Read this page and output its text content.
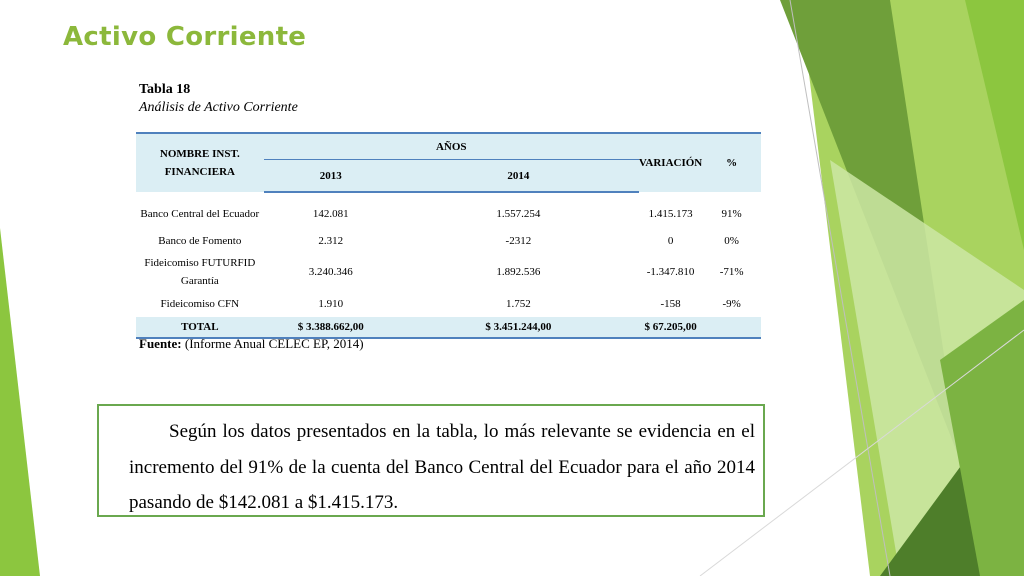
Activo Corriente
Tabla 18
Análisis de Activo Corriente
NOMBRE INST.
FINANCIERA	AÑOS		VARIACIÓN	%
	2013	2014		

Banco Central del Ecuador	142.081	1.557.254	1.415.173	91%
Banco de Fomento	2.312	-2312	0	0%

Fideicomiso FUTURFID
Garantía	3.240.346	1.892.536	-1.347.810	-71%
Fideicomiso CFN	1.910	1.752	-158	-9%
TOTAL	$ 3.388.662,00	$ 3.451.244,00	$ 67.205,00	
Fuente: (Informe Anual CELEC EP, 2014)

Según los datos presentados en la tabla, lo más relevante se evidencia en el incremento del 91% de la cuenta del Banco Central del Ecuador para el año 2014 pasando de $142.081 a $1.415.173.
